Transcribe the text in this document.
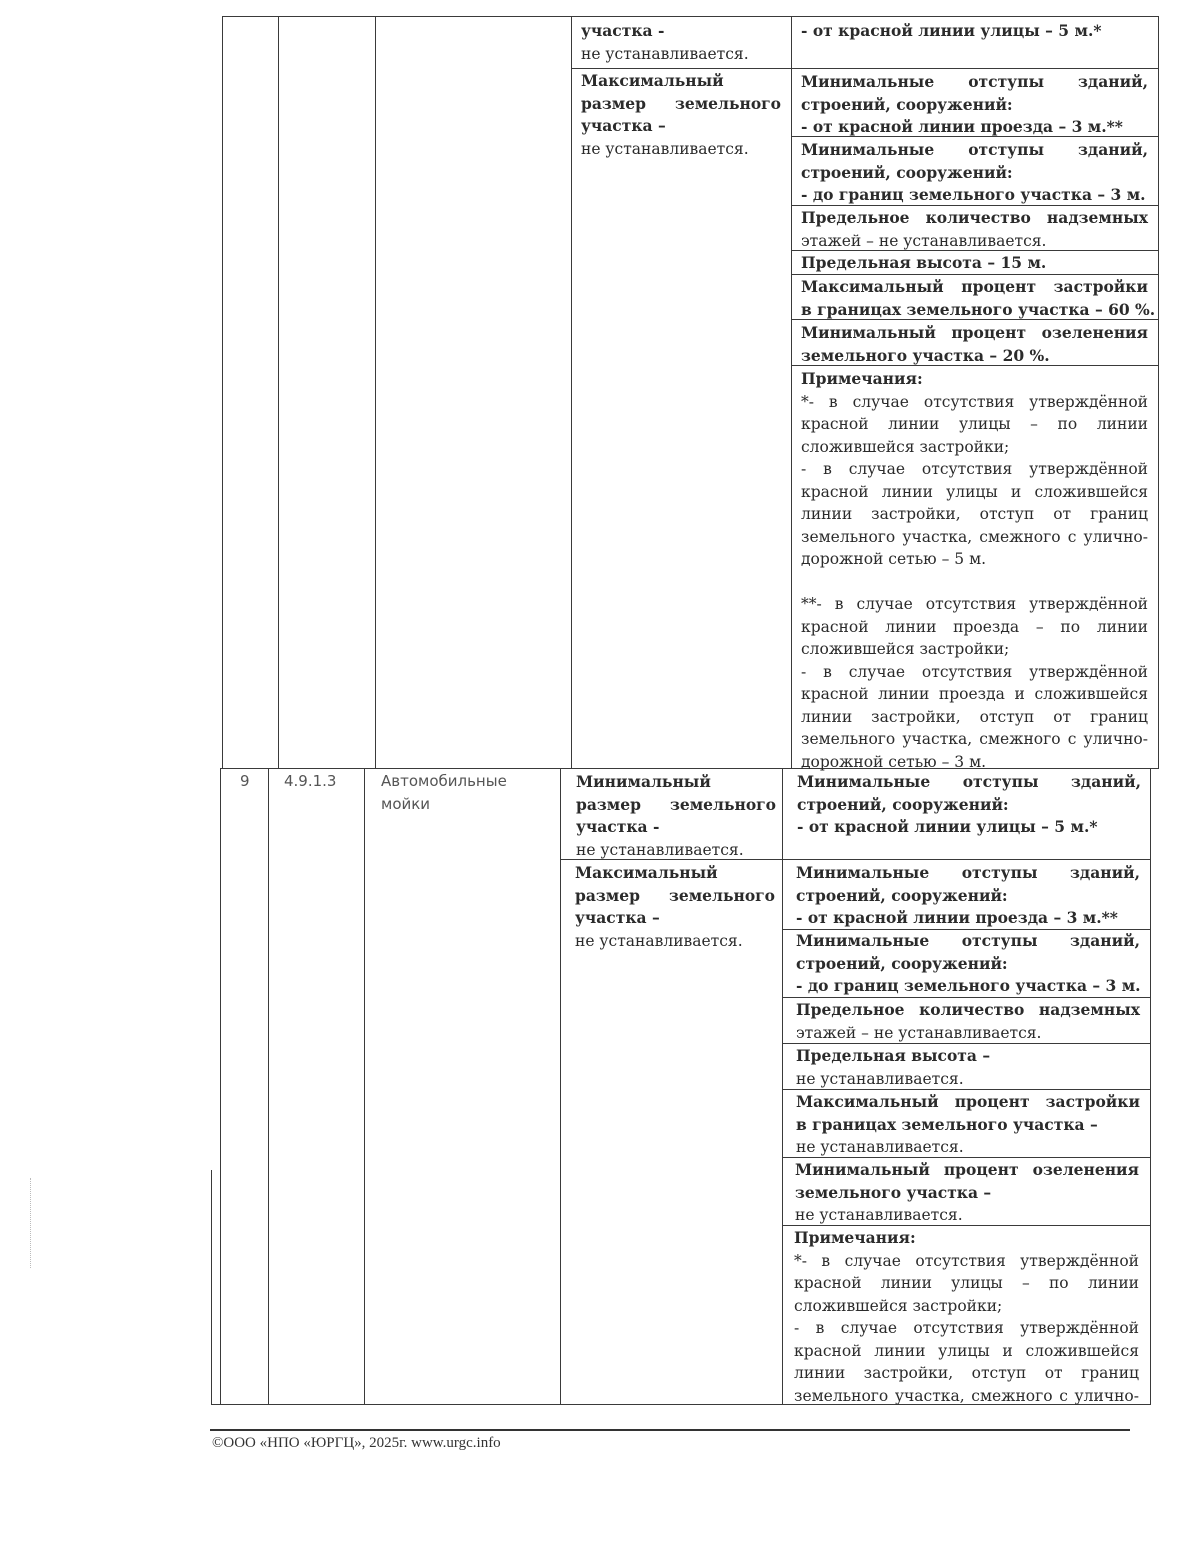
участка -
не устанавливается.
Максимальный
размер земельного
участка –
не устанавливается.
- от красной линии улицы – 5 м.*
Минимальные отступы зданий,
строений, сооружений:
- от красной линии проезда – 3 м.**
Минимальные отступы зданий,
строений, сооружений:
- до границ земельного участка – 3 м.
Предельное количество надземных
этажей – не устанавливается.
Предельная высота – 15 м.
Максимальный процент застройки
в границах земельного участка – 60 %.
Минимальный процент озеленения
земельного участка – 20 %.
Примечания:
*- в случае отсутствия утверждённой
красной линии улицы – по линии
сложившейся застройки;
- в случае отсутствия утверждённой
красной линии улицы и сложившейся
линии застройки, отступ от границ
земельного участка, смежного с улично-
дорожной сетью – 5 м.
**- в случае отсутствия утверждённой
красной линии проезда – по линии
сложившейся застройки;
- в случае отсутствия утверждённой
красной линии проезда и сложившейся
линии застройки, отступ от границ
земельного участка, смежного с улично-
дорожной сетью – 3 м.
9 4.9.1.3	Автомобильные
мойки
Минимальный
размер земельного
участка -
не устанавливается.
Максимальный
размер земельного
участка –
не устанавливается.
Минимальные отступы зданий,
строений, сооружений:
- от красной линии улицы – 5 м.*
Минимальные отступы зданий,
строений, сооружений:
- от красной линии проезда – 3 м.**
Минимальные отступы зданий,
строений, сооружений:
- до границ земельного участка – 3 м.
Предельное количество надземных
этажей – не устанавливается.
Предельная высота –
не устанавливается.
Максимальный процент застройки
в границах земельного участка –
не устанавливается.
Минимальный процент озеленения
земельного участка –
не устанавливается.
Примечания:
*- в случае отсутствия утверждённой
красной линии улицы – по линии
сложившейся застройки;
- в случае отсутствия утверждённой
красной линии улицы и сложившейся
линии застройки, отступ от границ
земельного участка, смежного с улично-
©ООО «НПО «ЮРГЦ», 2025г. www.urgc.info
